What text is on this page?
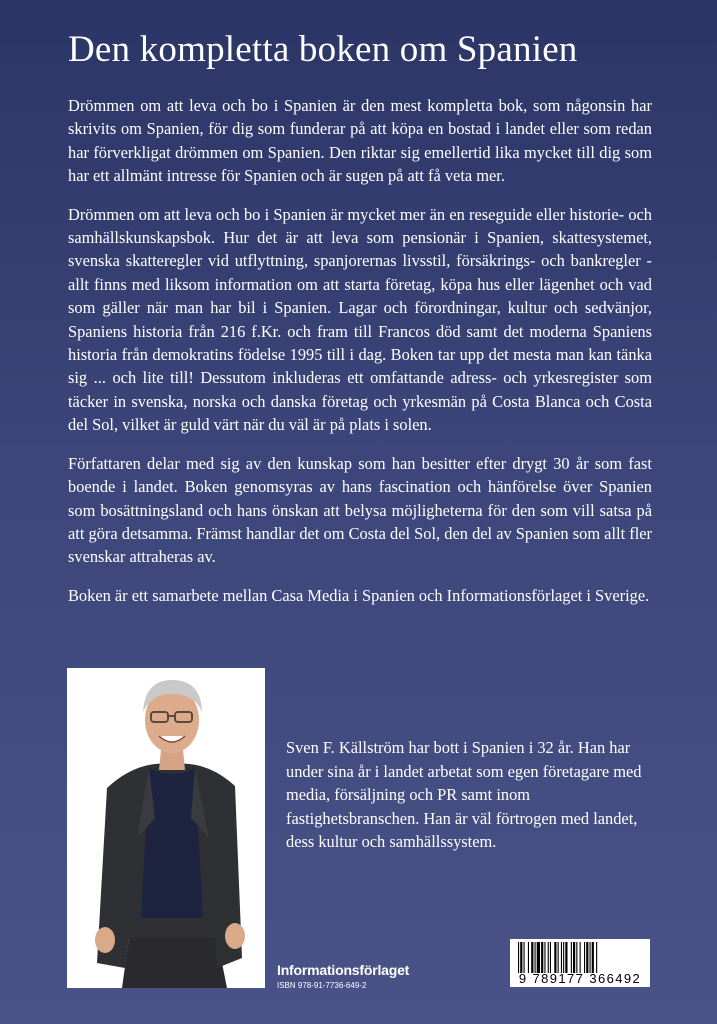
Den kompletta boken om Spanien

Drömmen om att leva och bo i Spanien är den mest kompletta bok, som någonsin har skrivits om Spanien, för dig som funderar på att köpa en bostad i landet eller som redan har förverkligat drömmen om Spanien. Den riktar sig emellertid lika mycket till dig som har ett allmänt intresse för Spanien och är sugen på att få veta mer.

Drömmen om att leva och bo i Spanien är mycket mer än en reseguide eller historie- och samhällskunskapsbok. Hur det är att leva som pensionär i Spanien, skattesystemet, svenska skatteregler vid utflyttning, spanjorernas livsstil, försäkrings- och bankregler - allt finns med liksom information om att starta företag, köpa hus eller lägenhet och vad som gäller när man har bil i Spanien. Lagar och förordningar, kultur och sedvänjor, Spaniens historia från 216 f.Kr. och fram till Francos död samt det moderna Spaniens historia från demokratins födelse 1995 till i dag. Boken tar upp det mesta man kan tänka sig ... och lite till! Dessutom inkluderas ett omfattande adress- och yrkesregister som täcker in svenska, norska och danska företag och yrkesmän på Costa Blanca och Costa del Sol, vilket är guld värt när du väl är på plats i solen.

Författaren delar med sig av den kunskap som han besitter efter drygt 30 år som fast boende i landet. Boken genomsyras av hans fascination och hänförelse över Spanien som bosättningsland och hans önskan att belysa möjligheterna för den som vill satsa på att göra detsamma. Främst handlar det om Costa del Sol, den del av Spanien som allt fler svenskar attraheras av.

Boken är ett samarbete mellan Casa Media i Spanien och Informationsförlaget i Sverige.

Sven F. Källström har bott i Spanien i 32 år. Han har under sina år i landet arbetat som egen företagare med media, försäljning och PR samt inom fastighetsbranschen. Han är väl förtrogen med landet, dess kultur och samhällssystem.
Informationsförlaget
ISBN 978-91-7736-649-2	9 789177 366492
